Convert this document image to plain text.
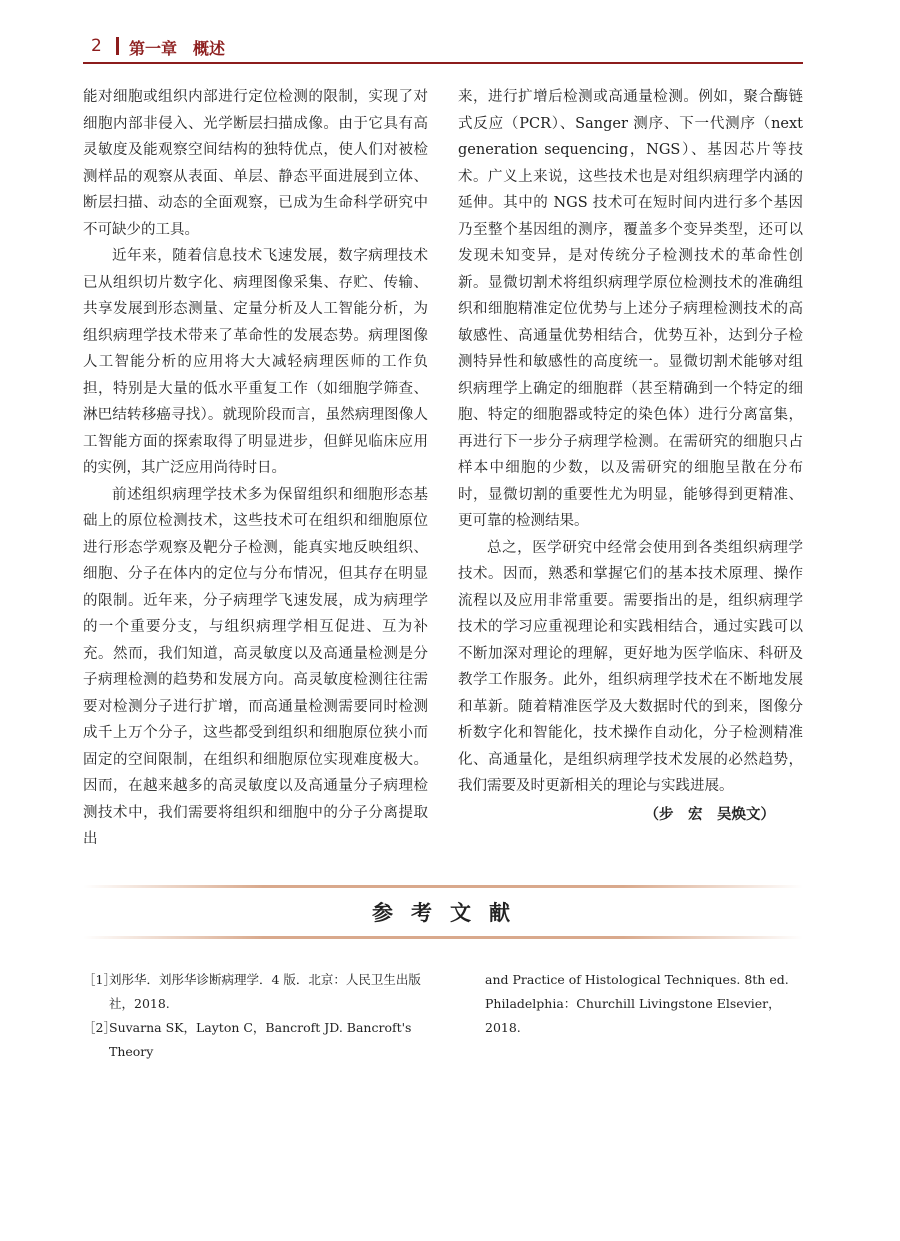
2 第一章　概述

能对细胞或组织内部进行定位检测的限制，实现了对细胞内部非侵入、光学断层扫描成像。由于它具有高灵敏度及能观察空间结构的独特优点，使人们对被检测样品的观察从表面、单层、静态平面进展到立体、断层扫描、动态的全面观察，已成为生命科学研究中不可缺少的工具。

近年来，随着信息技术飞速发展，数字病理技术已从组织切片数字化、病理图像采集、存贮、传输、共享发展到形态测量、定量分析及人工智能分析，为组织病理学技术带来了革命性的发展态势。病理图像人工智能分析的应用将大大减轻病理医师的工作负担，特别是大量的低水平重复工作（如细胞学筛查、淋巴结转移癌寻找）。就现阶段而言，虽然病理图像人工智能方面的探索取得了明显进步，但鲜见临床应用的实例，其广泛应用尚待时日。

前述组织病理学技术多为保留组织和细胞形态基础上的原位检测技术，这些技术可在组织和细胞原位进行形态学观察及靶分子检测，能真实地反映组织、细胞、分子在体内的定位与分布情况，但其存在明显的限制。近年来，分子病理学飞速发展，成为病理学的一个重要分支，与组织病理学相互促进、互为补充。然而，我们知道，高灵敏度以及高通量检测是分子病理检测的趋势和发展方向。高灵敏度检测往往需要对检测分子进行扩增，而高通量检测需要同时检测成千上万个分子，这些都受到组织和细胞原位狭小而固定的空间限制，在组织和细胞原位实现难度极大。因而，在越来越多的高灵敏度以及高通量分子病理检测技术中，我们需要将组织和细胞中的分子分离提取出

来，进行扩增后检测或高通量检测。例如，聚合酶链式反应（PCR）、Sanger 测序、下一代测序（next generation sequencing，NGS）、基因芯片等技术。广义上来说，这些技术也是对组织病理学内涵的延伸。其中的 NGS 技术可在短时间内进行多个基因乃至整个基因组的测序，覆盖多个变异类型，还可以发现未知变异，是对传统分子检测技术的革命性创新。显微切割术将组织病理学原位检测技术的准确组织和细胞精准定位优势与上述分子病理检测技术的高敏感性、高通量优势相结合，优势互补，达到分子检测特异性和敏感性的高度统一。显微切割术能够对组织病理学上确定的细胞群（甚至精确到一个特定的细胞、特定的细胞器或特定的染色体）进行分离富集，再进行下一步分子病理学检测。在需研究的细胞只占样本中细胞的少数，以及需研究的细胞呈散在分布时，显微切割的重要性尤为明显，能够得到更精准、更可靠的检测结果。

总之，医学研究中经常会使用到各类组织病理学技术。因而，熟悉和掌握它们的基本技术原理、操作流程以及应用非常重要。需要指出的是，组织病理学技术的学习应重视理论和实践相结合，通过实践可以不断加深对理论的理解，更好地为医学临床、科研及教学工作服务。此外，组织病理学技术在不断地发展和革新。随着精准医学及大数据时代的到来，图像分析数字化和智能化，技术操作自动化，分子检测精准化、高通量化，是组织病理学技术发展的必然趋势，我们需要及时更新相关的理论与实践进展。

（步　宏　吴焕文）
参考文献
［1］
刘彤华．刘彤华诊断病理学．4 版．北京：人民卫生出版社，2018.
［2］
Suvarna SK，Layton C，Bancroft JD. Bancroft's Theory
and Practice of Histological Techniques. 8th ed.
Philadelphia：Churchill Livingstone Elsevier，2018.
